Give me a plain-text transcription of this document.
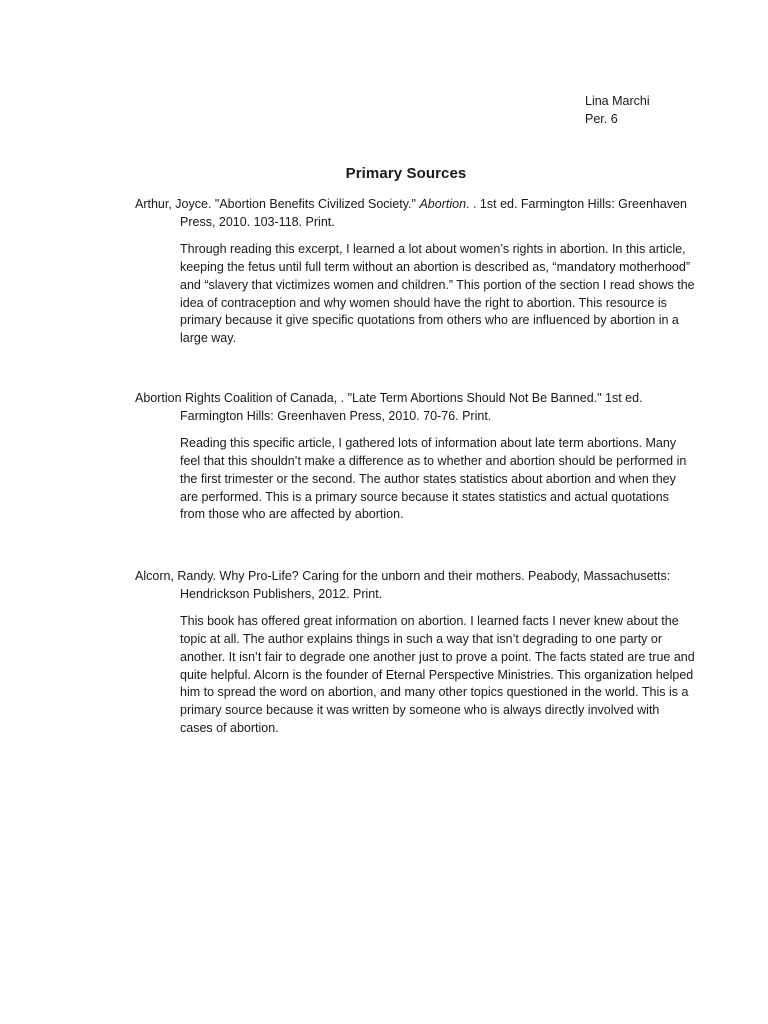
Lina Marchi
Per. 6
Primary Sources

Arthur, Joyce. "Abortion Benefits Civilized Society." Abortion. . 1st ed. Farmington Hills: Greenhaven Press, 2010. 103-118. Print.

Through reading this excerpt, I learned a lot about women’s rights in abortion. In this article, keeping the fetus until full term without an abortion is described as, “mandatory motherhood” and “slavery that victimizes women and children.” This portion of the section I read shows the idea of contraception and why women should have the right to abortion. This resource is primary because it give specific quotations from others who are influenced by abortion in a large way.

Abortion Rights Coalition of Canada, . "Late Term Abortions Should Not Be Banned." 1st ed. Farmington Hills: Greenhaven Press, 2010. 70-76. Print.

Reading this specific article, I gathered lots of information about late term abortions. Many feel that this shouldn’t make a difference as to whether and abortion should be performed in the first trimester or the second. The author states statistics about abortion and when they are performed. This is a primary source because it states statistics and actual quotations from those who are affected by abortion.

Alcorn, Randy. Why Pro-Life? Caring for the unborn and their mothers. Peabody, Massachusetts: Hendrickson Publishers, 2012. Print.

This book has offered great information on abortion. I learned facts I never knew about the topic at all. The author explains things in such a way that isn’t degrading to one party or another. It isn’t fair to degrade one another just to prove a point. The facts stated are true and quite helpful. Alcorn is the founder of Eternal Perspective Ministries. This organization helped him to spread the word on abortion, and many other topics questioned in the world. This is a primary source because it was written by someone who is always directly involved with cases of abortion.
